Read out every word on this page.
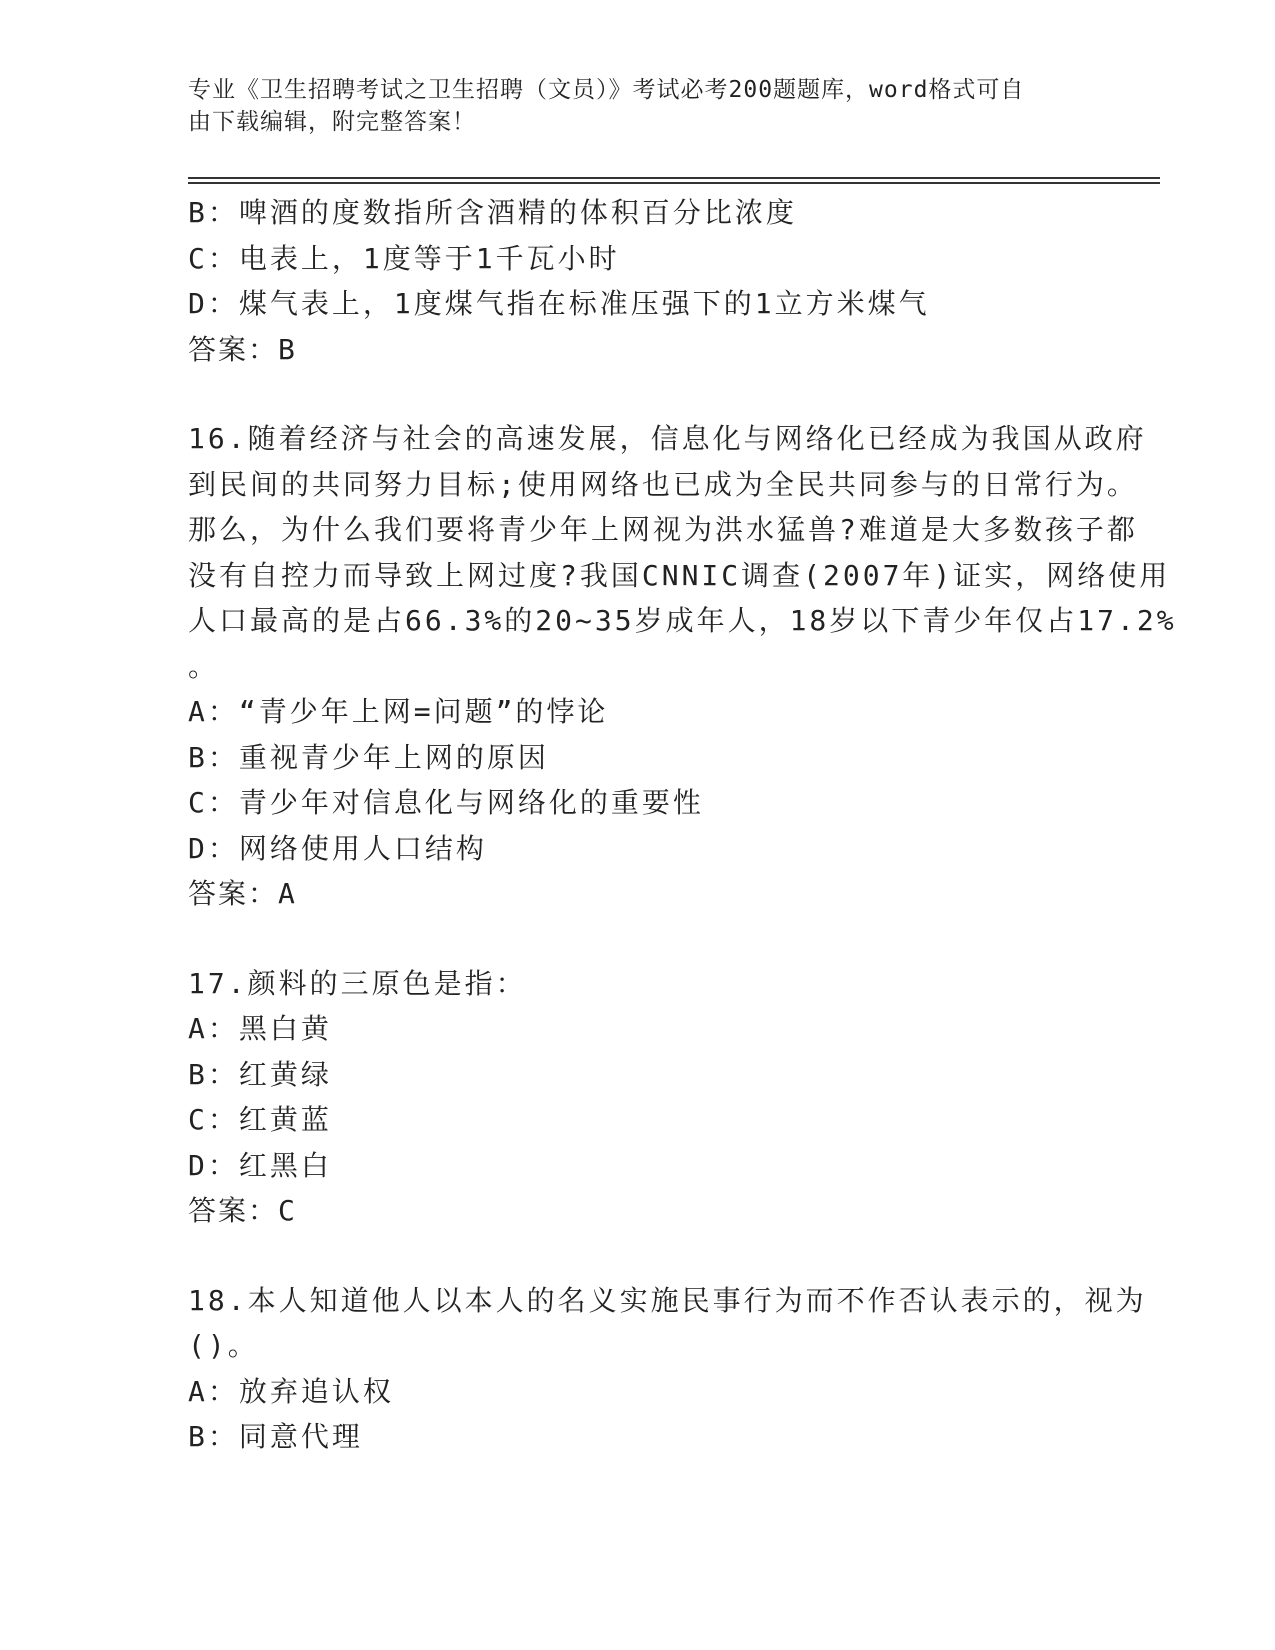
专业《卫生招聘考试之卫生招聘（文员）》考试必考200题题库，word格式可自
由下载编辑，附完整答案！
B：啤酒的度数指所含酒精的体积百分比浓度
C：电表上，1度等于1千瓦小时
D：煤气表上，1度煤气指在标准压强下的1立方米煤气
答案：B
16.随着经济与社会的高速发展，信息化与网络化已经成为我国从政府
到民间的共同努力目标;使用网络也已成为全民共同参与的日常行为。
那么，为什么我们要将青少年上网视为洪水猛兽?难道是大多数孩子都
没有自控力而导致上网过度?我国CNNIC调查(2007年)证实，网络使用
人口最高的是占66.3%的20~35岁成年人，18岁以下青少年仅占17.2%
。
A：“青少年上网=问题”的悖论
B：重视青少年上网的原因
C：青少年对信息化与网络化的重要性
D：网络使用人口结构
答案：A
17.颜料的三原色是指：
A：黑白黄
B：红黄绿
C：红黄蓝
D：红黑白
答案：C
18.本人知道他人以本人的名义实施民事行为而不作否认表示的，视为
()。
A：放弃追认权
B：同意代理
